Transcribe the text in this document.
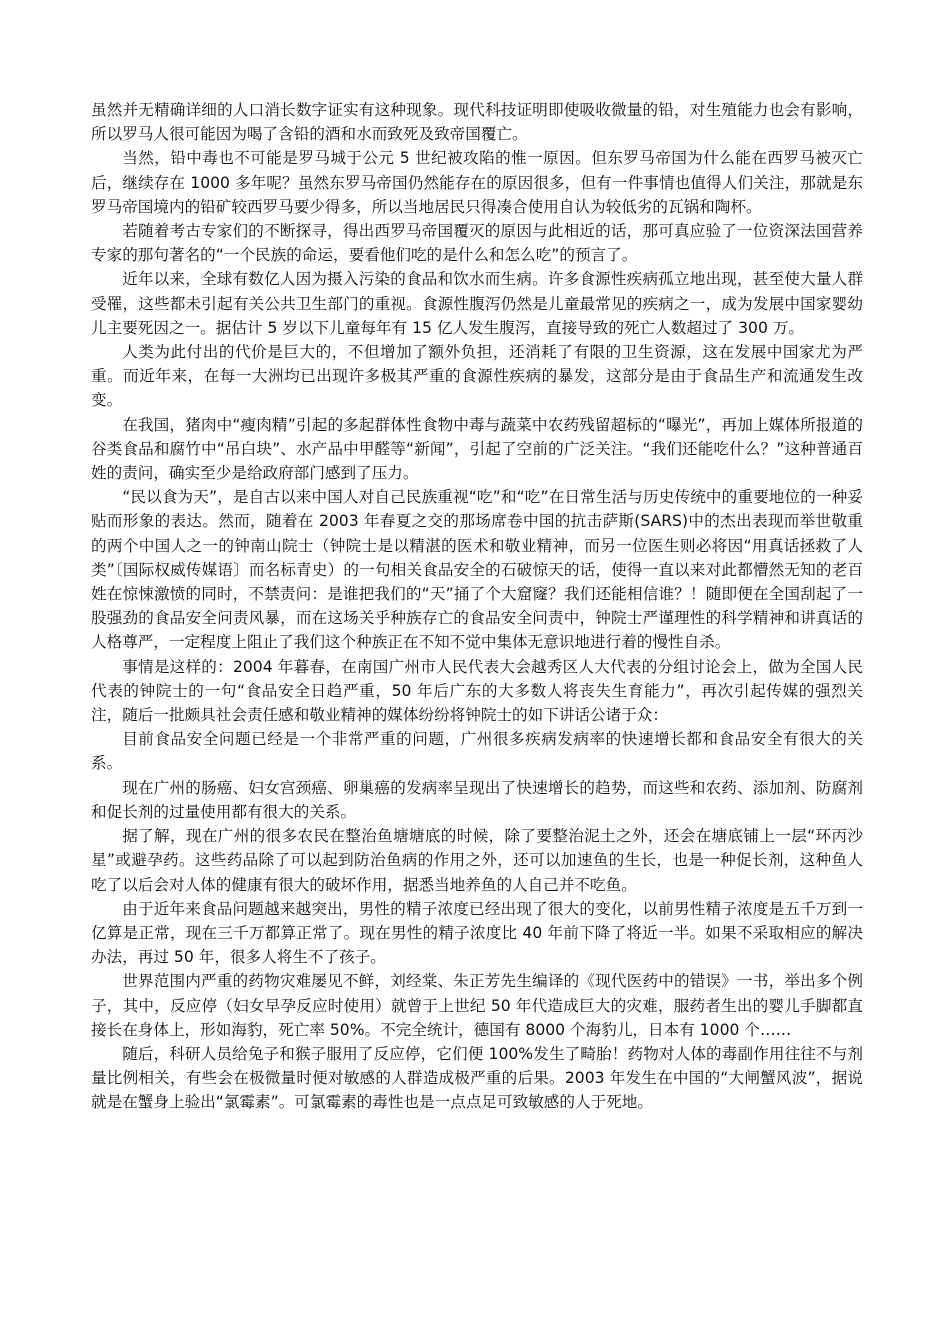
虽然并无精确详细的人口消长数字证实有这种现象。现代科技证明即使吸收微量的铅，对生殖能力也会有影响，所以罗马人很可能因为喝了含铅的酒和水而致死及致帝国覆亡。

当然，铅中毒也不可能是罗马城于公元 5 世纪被攻陷的惟一原因。但东罗马帝国为什么能在西罗马被灭亡后，继续存在 1000 多年呢？虽然东罗马帝国仍然能存在的原因很多，但有一件事情也值得人们关注，那就是东罗马帝国境内的铅矿较西罗马要少得多，所以当地居民只得凑合使用自认为较低劣的瓦锅和陶杯。

若随着考古专家们的不断探寻，得出西罗马帝国覆灭的原因与此相近的话，那可真应验了一位资深法国营养专家的那句著名的“一个民族的命运，要看他们吃的是什么和怎么吃”的预言了。

近年以来，全球有数亿人因为摄入污染的食品和饮水而生病。许多食源性疾病孤立地出现，甚至使大量人群受罹，这些都未引起有关公共卫生部门的重视。食源性腹泻仍然是儿童最常见的疾病之一，成为发展中国家婴幼儿主要死因之一。据估计 5 岁以下儿童每年有 15 亿人发生腹泻，直接导致的死亡人数超过了 300 万。

人类为此付出的代价是巨大的，不但增加了额外负担，还消耗了有限的卫生资源，这在发展中国家尤为严重。而近年来，在每一大洲均已出现许多极其严重的食源性疾病的暴发，这部分是由于食品生产和流通发生改变。

在我国，猪肉中“瘦肉精”引起的多起群体性食物中毒与蔬菜中农药残留超标的“曝光”，再加上媒体所报道的谷类食品和腐竹中“吊白块”、水产品中甲醛等“新闻”，引起了空前的广泛关注。“我们还能吃什么？”这种普通百姓的责问，确实至少是给政府部门感到了压力。

“民以食为天”，是自古以来中国人对自己民族重视“吃”和“吃”在日常生活与历史传统中的重要地位的一种妥贴而形象的表达。然而，随着在 2003 年春夏之交的那场席卷中国的抗击萨斯(SARS)中的杰出表现而举世敬重的两个中国人之一的钟南山院士（钟院士是以精湛的医术和敬业精神，而另一位医生则必将因“用真话拯救了人类”〔国际权威传媒语〕而名标青史）的一句相关食品安全的石破惊天的话，使得一直以来对此都懵然无知的老百姓在惊悚激愤的同时，不禁责问：是谁把我们的“天”捅了个大窟窿？我们还能相信谁？！随即便在全国刮起了一股强劲的食品安全问责风暴，而在这场关乎种族存亡的食品安全问责中，钟院士严谨理性的科学精神和讲真话的人格尊严，一定程度上阻止了我们这个种族正在不知不觉中集体无意识地进行着的慢性自杀。

事情是这样的：2004 年暮春，在南国广州市人民代表大会越秀区人大代表的分组讨论会上，做为全国人民代表的钟院士的一句“食品安全日趋严重，50 年后广东的大多数人将丧失生育能力”，再次引起传媒的强烈关注，随后一批颇具社会责任感和敬业精神的媒体纷纷将钟院士的如下讲话公诸于众：

目前食品安全问题已经是一个非常严重的问题，广州很多疾病发病率的快速增长都和食品安全有很大的关系。

现在广州的肠癌、妇女宫颈癌、卵巢癌的发病率呈现出了快速增长的趋势，而这些和农药、添加剂、防腐剂和促长剂的过量使用都有很大的关系。

据了解，现在广州的很多农民在整治鱼塘塘底的时候，除了要整治泥土之外，还会在塘底铺上一层“环丙沙星”或避孕药。这些药品除了可以起到防治鱼病的作用之外，还可以加速鱼的生长，也是一种促长剂，这种鱼人吃了以后会对人体的健康有很大的破坏作用，据悉当地养鱼的人自己并不吃鱼。

由于近年来食品问题越来越突出，男性的精子浓度已经出现了很大的变化，以前男性精子浓度是五千万到一亿算是正常，现在三千万都算正常了。现在男性的精子浓度比 40 年前下降了将近一半。如果不采取相应的解决办法，再过 50 年，很多人将生不了孩子。

世界范围内严重的药物灾难屡见不鲜，刘经棠、朱正芳先生编译的《现代医药中的错误》一书，举出多个例子，其中，反应停（妇女早孕反应时使用）就曾于上世纪 50 年代造成巨大的灾难，服药者生出的婴儿手脚都直接长在身体上，形如海豹，死亡率 50%。不完全统计，德国有 8000 个海豹儿，日本有 1000 个……

随后，科研人员给兔子和猴子服用了反应停，它们便 100%发生了畸胎！药物对人体的毒副作用往往不与剂量比例相关，有些会在极微量时便对敏感的人群造成极严重的后果。2003 年发生在中国的“大闸蟹风波”，据说就是在蟹身上验出“氯霉素”。可氯霉素的毒性也是一点点足可致敏感的人于死地。
